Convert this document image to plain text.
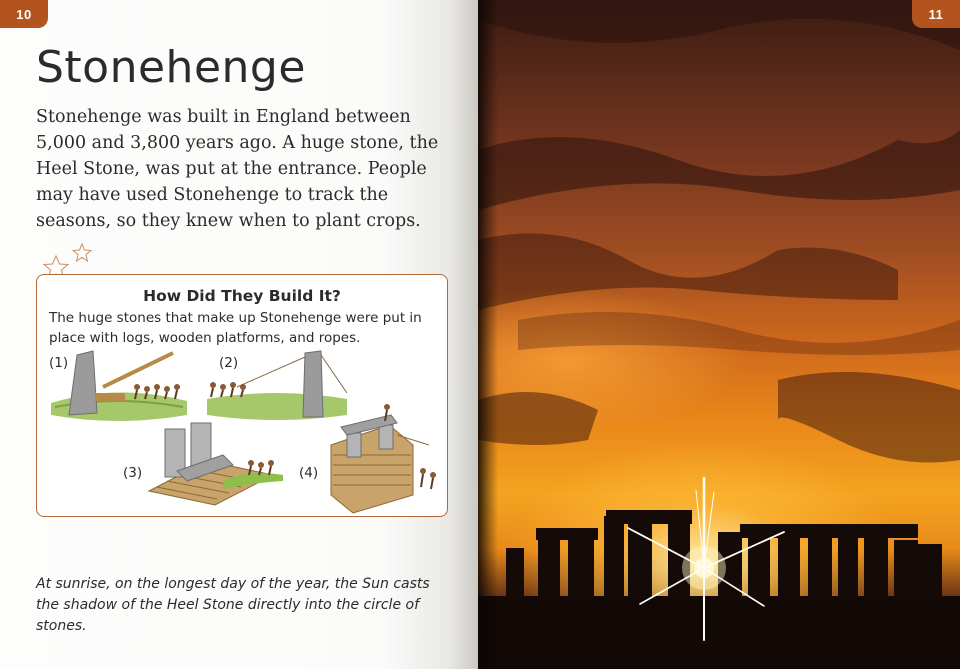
10
Stonehenge

Stonehenge was built in England between 5,000 and 3,800 years ago. A huge stone, the Heel Stone, was put at the entrance. People may have used Stonehenge to track the seasons, so they knew when to plant crops.

How Did They Build It?
The huge stones that make up Stonehenge were put in place with logs, wooden platforms, and ropes.
(1)	(2)
(3)	(4)

At sunrise, on the longest day of the year, the Sun casts the shadow of the Heel Stone directly into the circle of stones.

11
